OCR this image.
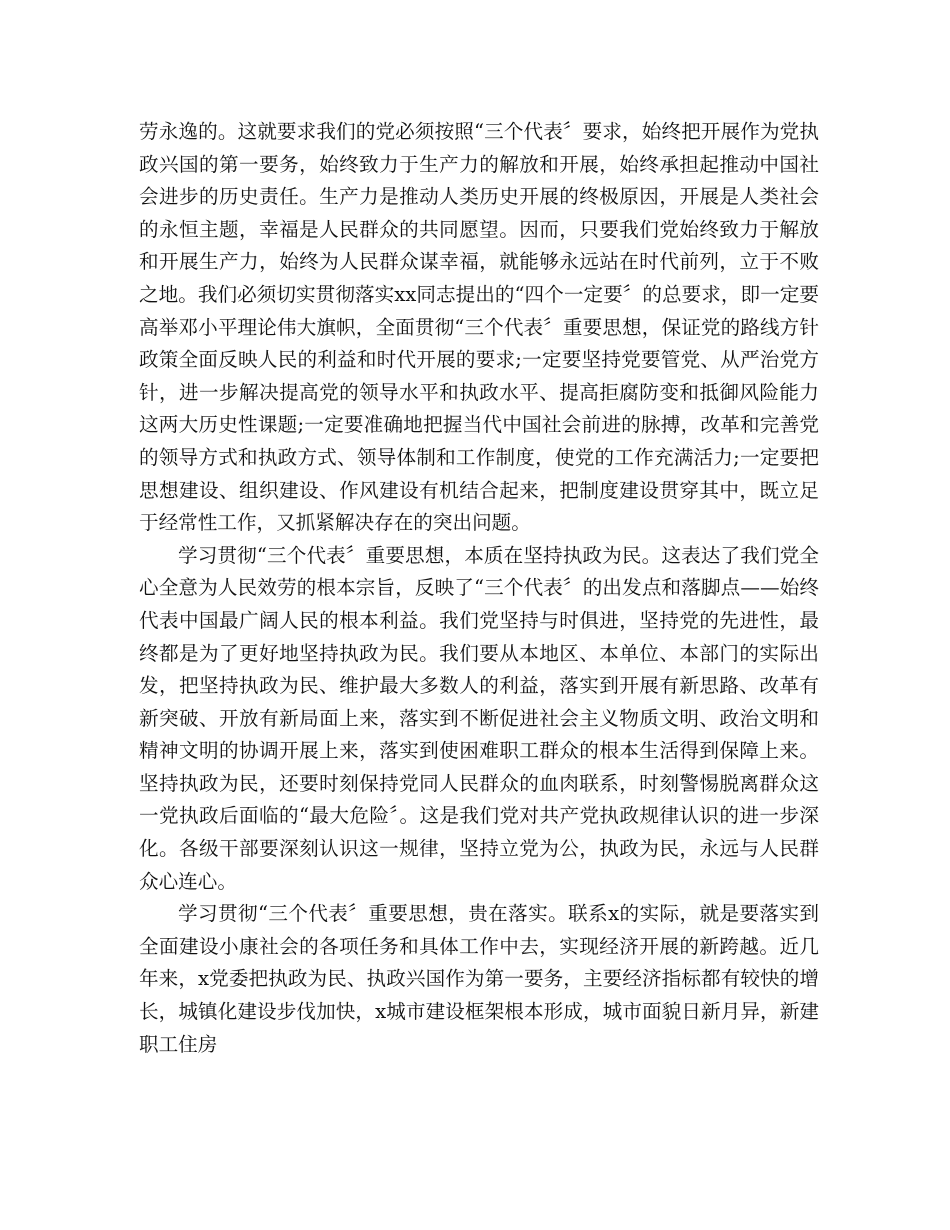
劳永逸的。这就要求我们的党必须按照“三个代表〞要求，始终把开展作为党执政兴国的第一要务，始终致力于生产力的解放和开展，始终承担起推动中国社会进步的历史责任。生产力是推动人类历史开展的终极原因，开展是人类社会的永恒主题，幸福是人民群众的共同愿望。因而，只要我们党始终致力于解放和开展生产力，始终为人民群众谋幸福，就能够永远站在时代前列，立于不败之地。我们必须切实贯彻落实xx同志提出的“四个一定要〞的总要求，即一定要高举邓小平理论伟大旗帜，全面贯彻“三个代表〞重要思想，保证党的路线方针政策全面反映人民的利益和时代开展的要求;一定要坚持党要管党、从严治党方针，进一步解决提高党的领导水平和执政水平、提高拒腐防变和抵御风险能力这两大历史性课题;一定要准确地把握当代中国社会前进的脉搏，改革和完善党的领导方式和执政方式、领导体制和工作制度，使党的工作充满活力;一定要把思想建设、组织建设、作风建设有机结合起来，把制度建设贯穿其中，既立足于经常性工作，又抓紧解决存在的突出问题。

学习贯彻“三个代表〞重要思想，本质在坚持执政为民。这表达了我们党全心全意为人民效劳的根本宗旨，反映了“三个代表〞的出发点和落脚点——始终代表中国最广阔人民的根本利益。我们党坚持与时俱进，坚持党的先进性，最终都是为了更好地坚持执政为民。我们要从本地区、本单位、本部门的实际出发，把坚持执政为民、维护最大多数人的利益，落实到开展有新思路、改革有新突破、开放有新局面上来，落实到不断促进社会主义物质文明、政治文明和精神文明的协调开展上来，落实到使困难职工群众的根本生活得到保障上来。坚持执政为民，还要时刻保持党同人民群众的血肉联系，时刻警惕脱离群众这一党执政后面临的“最大危险〞。这是我们党对共产党执政规律认识的进一步深化。各级干部要深刻认识这一规律，坚持立党为公，执政为民，永远与人民群众心连心。

学习贯彻“三个代表〞重要思想，贵在落实。联系x的实际，就是要落实到全面建设小康社会的各项任务和具体工作中去，实现经济开展的新跨越。近几年来，x党委把执政为民、执政兴国作为第一要务，主要经济指标都有较快的增长，城镇化建设步伐加快，x城市建设框架根本形成，城市面貌日新月异，新建职工住房
